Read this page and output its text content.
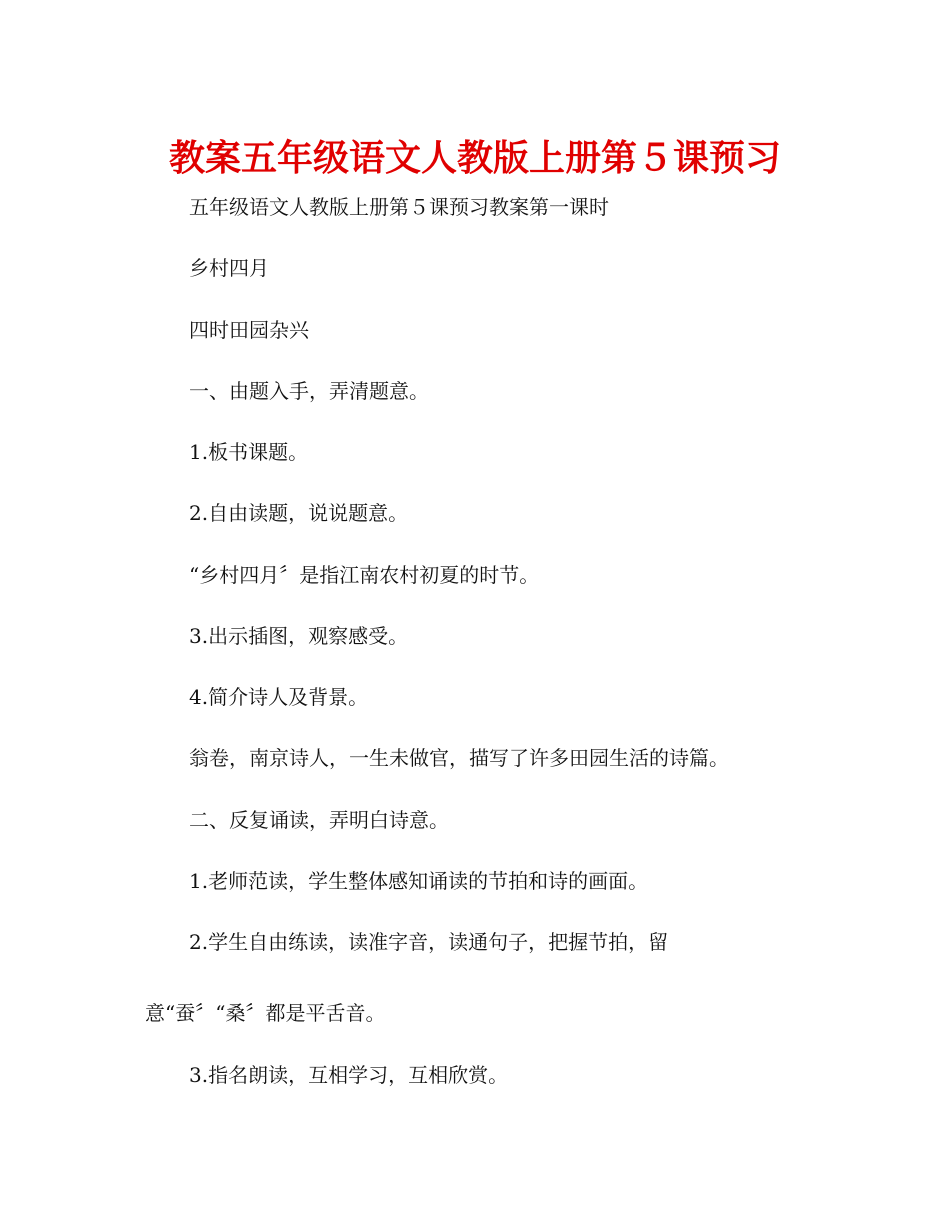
教案五年级语文人教版上册第５课预习
五年级语文人教版上册第５课预习教案第一课时
乡村四月
四时田园杂兴
一、由题入手，弄清题意。
1.板书课题。
2.自由读题，说说题意。
“乡村四月〞是指江南农村初夏的时节。
3.出示插图，观察感受。
4.简介诗人及背景。
翁卷，南京诗人，一生未做官，描写了许多田园生活的诗篇。
二、反复诵读，弄明白诗意。
1.老师范读，学生整体感知诵读的节拍和诗的画面。
2.学生自由练读，读准字音，读通句子，把握节拍，留
意“蚕〞“桑〞都是平舌音。
3.指名朗读，互相学习，互相欣赏。
